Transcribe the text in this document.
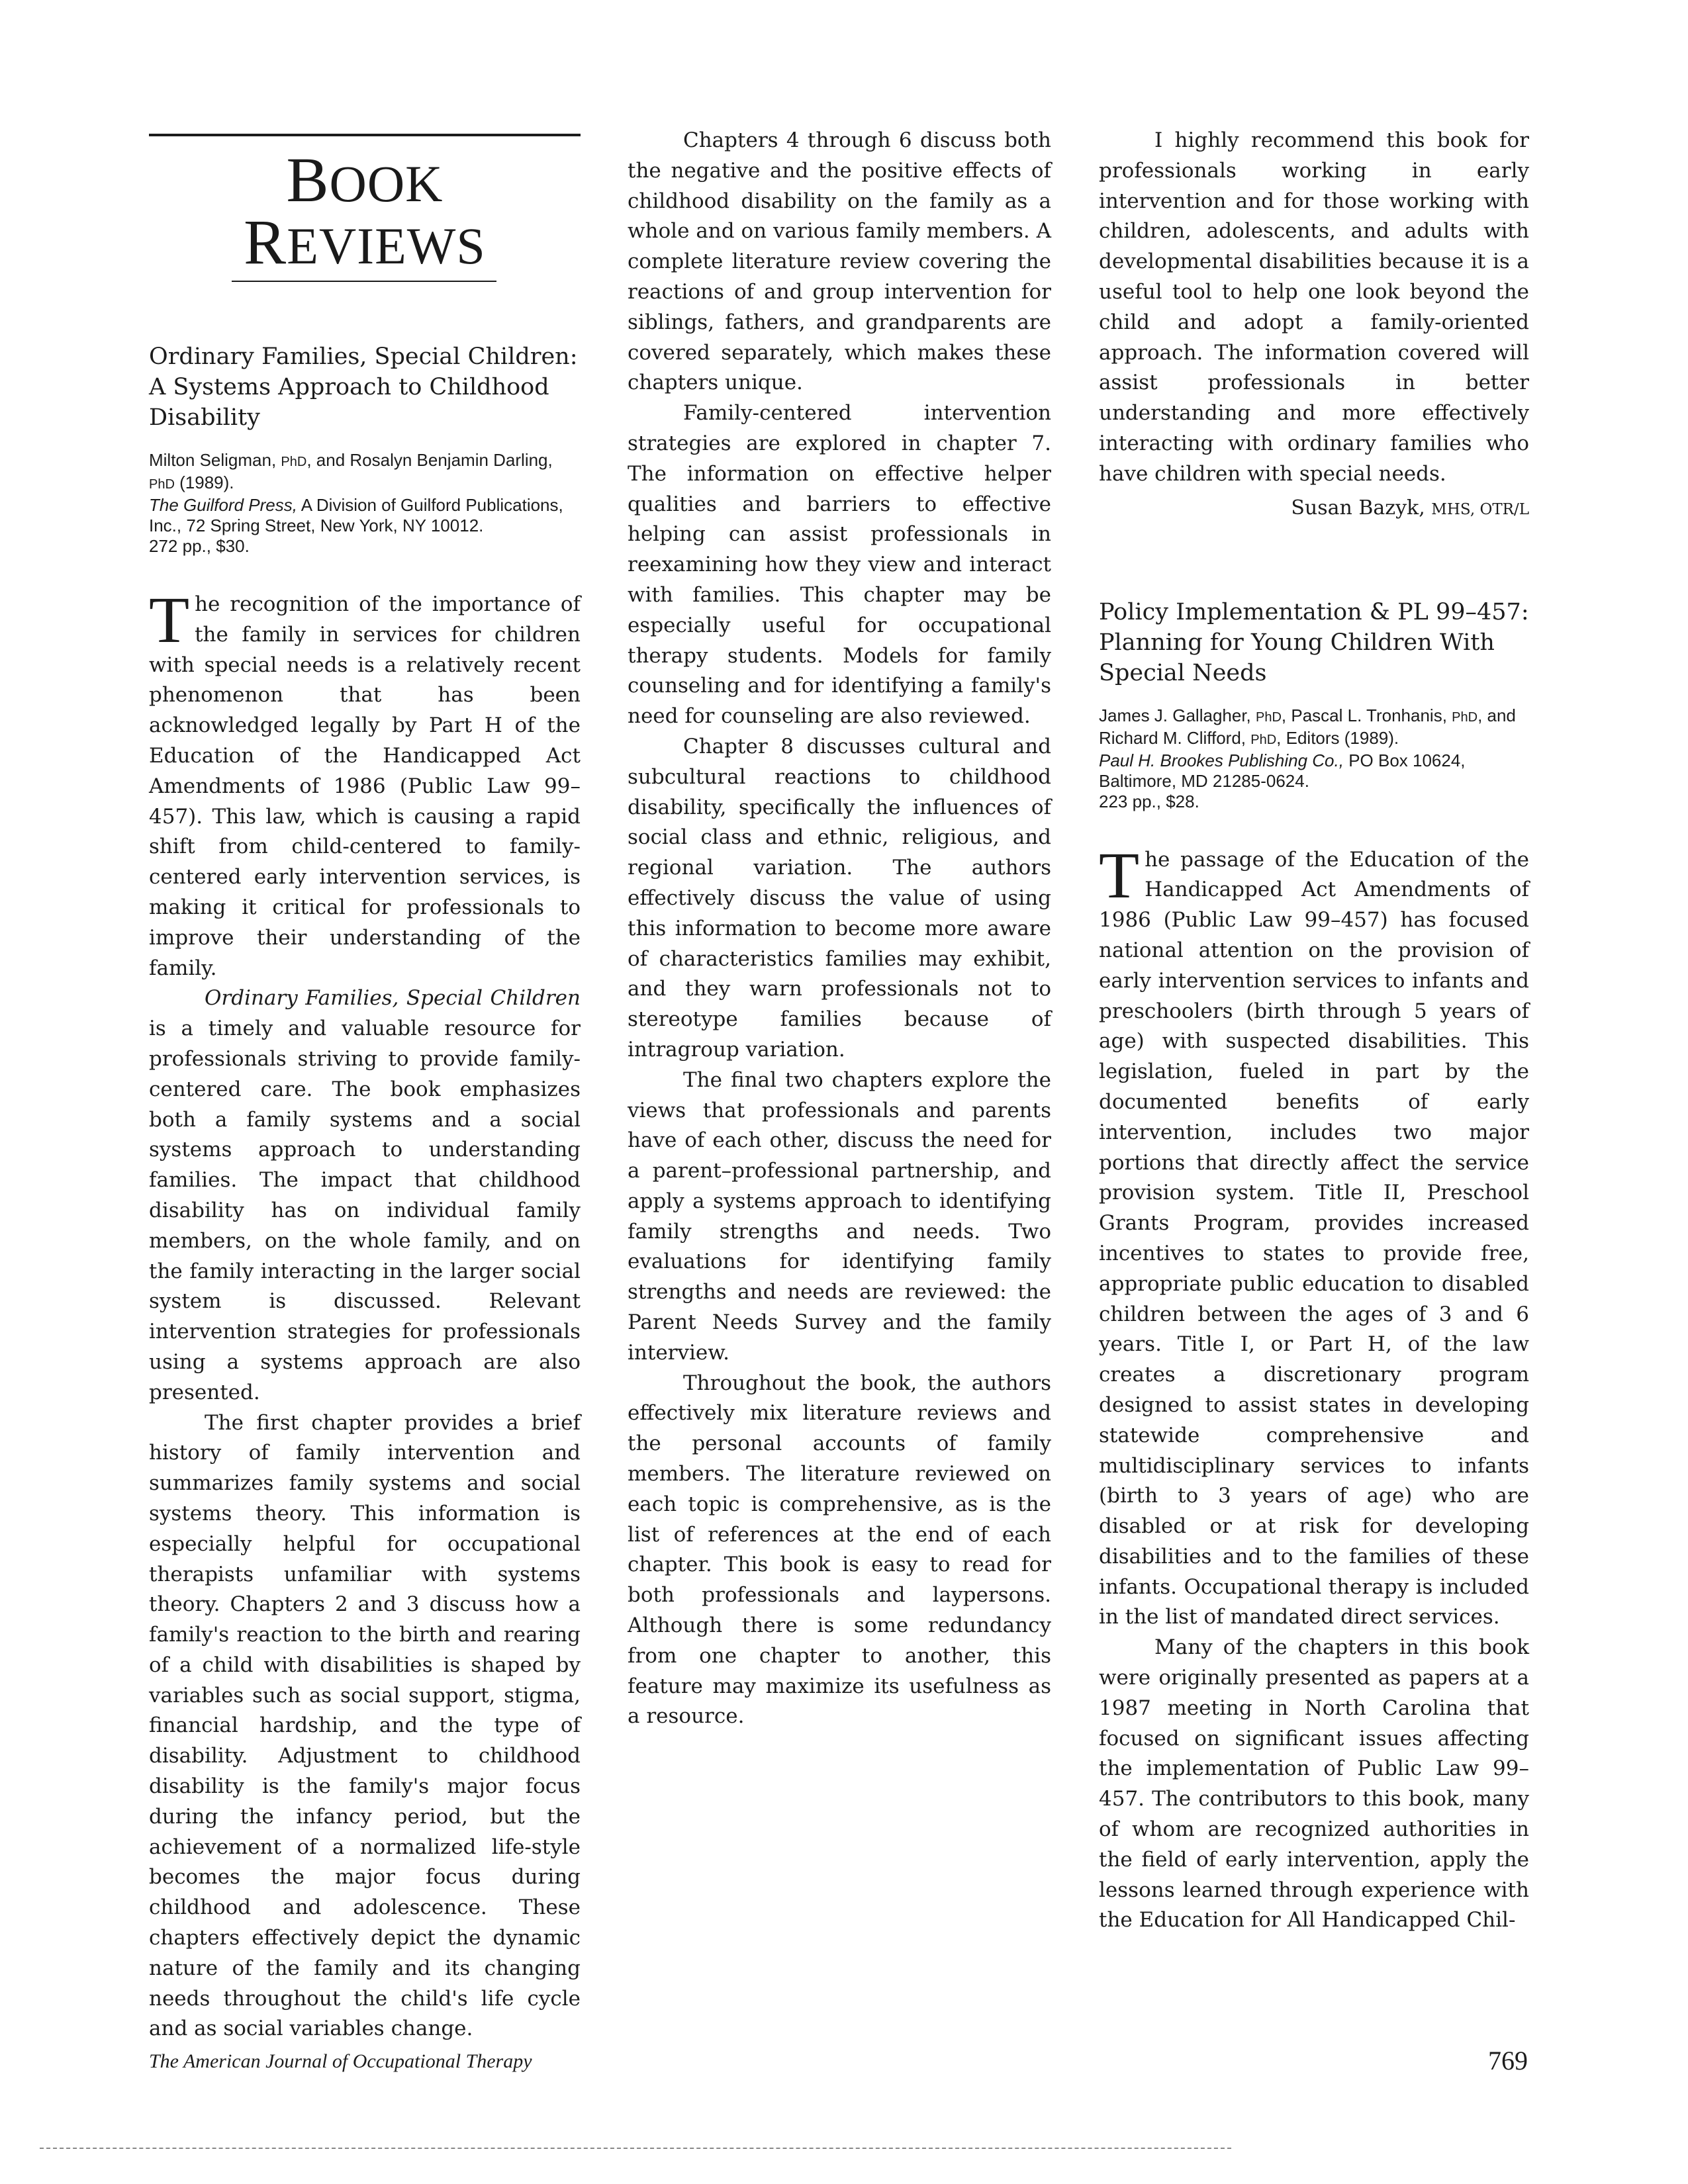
BOOK
REVIEWS
Ordinary Families, Special Children: A Systems Approach to Childhood Disability
Milton Seligman, PhD, and Rosalyn Benjamin Darling, PhD (1989).
The Guilford Press, A Division of Guilford Publications, Inc., 72 Spring Street, New York, NY 10012.
272 pp., $30.

The recognition of the importance of the family in services for children with special needs is a relatively recent phenomenon that has been acknowledged legally by Part H of the Education of the Handicapped Act Amendments of 1986 (Public Law 99–457). This law, which is causing a rapid shift from child-centered to family-centered early intervention services, is making it critical for professionals to improve their understanding of the family.

Ordinary Families, Special Children is a timely and valuable resource for professionals striving to provide family-centered care. The book emphasizes both a family systems and a social systems approach to understanding families. The impact that childhood disability has on individual family members, on the whole family, and on the family interacting in the larger social system is discussed. Relevant intervention strategies for professionals using a systems approach are also presented.

The first chapter provides a brief history of family intervention and summarizes family systems and social systems theory. This information is especially helpful for occupational therapists unfamiliar with systems theory. Chapters 2 and 3 discuss how a family's reaction to the birth and rearing of a child with disabilities is shaped by variables such as social support, stigma, financial hardship, and the type of disability. Adjustment to childhood disability is the family's major focus during the infancy period, but the achievement of a normalized life-style becomes the major focus during childhood and adolescence. These chapters effectively depict the dynamic nature of the family and its changing needs throughout the child's life cycle and as social variables change.

Chapters 4 through 6 discuss both the negative and the positive effects of childhood disability on the family as a whole and on various family members. A complete literature review covering the reactions of and group intervention for siblings, fathers, and grandparents are covered separately, which makes these chapters unique.

Family-centered intervention strategies are explored in chapter 7. The information on effective helper qualities and barriers to effective helping can assist professionals in reexamining how they view and interact with families. This chapter may be especially useful for occupational therapy students. Models for family counseling and for identifying a family's need for counseling are also reviewed.

Chapter 8 discusses cultural and subcultural reactions to childhood disability, specifically the influences of social class and ethnic, religious, and regional variation. The authors effectively discuss the value of using this information to become more aware of characteristics families may exhibit, and they warn professionals not to stereotype families because of intragroup variation.

The final two chapters explore the views that professionals and parents have of each other, discuss the need for a parent–professional partnership, and apply a systems approach to identifying family strengths and needs. Two evaluations for identifying family strengths and needs are reviewed: the Parent Needs Survey and the family interview.

Throughout the book, the authors effectively mix literature reviews and the personal accounts of family members. The literature reviewed on each topic is comprehensive, as is the list of references at the end of each chapter. This book is easy to read for both professionals and laypersons. Although there is some redundancy from one chapter to another, this feature may maximize its usefulness as a resource.

I highly recommend this book for professionals working in early intervention and for those working with children, adolescents, and adults with developmental disabilities because it is a useful tool to help one look beyond the child and adopt a family-oriented approach. The information covered will assist professionals in better understanding and more effectively interacting with ordinary families who have children with special needs.

Susan Bazyk, MHS, OTR/L
Policy Implementation & PL 99–457: Planning for Young Children With Special Needs
James J. Gallagher, PhD, Pascal L. Tronhanis, PhD, and Richard M. Clifford, PhD, Editors (1989).
Paul H. Brookes Publishing Co., PO Box 10624, Baltimore, MD 21285-0624.
223 pp., $28.

The passage of the Education of the Handicapped Act Amendments of 1986 (Public Law 99–457) has focused national attention on the provision of early intervention services to infants and preschoolers (birth through 5 years of age) with suspected disabilities. This legislation, fueled in part by the documented benefits of early intervention, includes two major portions that directly affect the service provision system. Title II, Preschool Grants Program, provides increased incentives to states to provide free, appropriate public education to disabled children between the ages of 3 and 6 years. Title I, or Part H, of the law creates a discretionary program designed to assist states in developing statewide comprehensive and multidisciplinary services to infants (birth to 3 years of age) who are disabled or at risk for developing disabilities and to the families of these infants. Occupational therapy is included in the list of mandated direct services.

Many of the chapters in this book were originally presented as papers at a 1987 meeting in North Carolina that focused on significant issues affecting the implementation of Public Law 99–457. The contributors to this book, many of whom are recognized authorities in the field of early intervention, apply the lessons learned through experience with the Education for All Handicapped Chil-

The American Journal of Occupational Therapy	769
